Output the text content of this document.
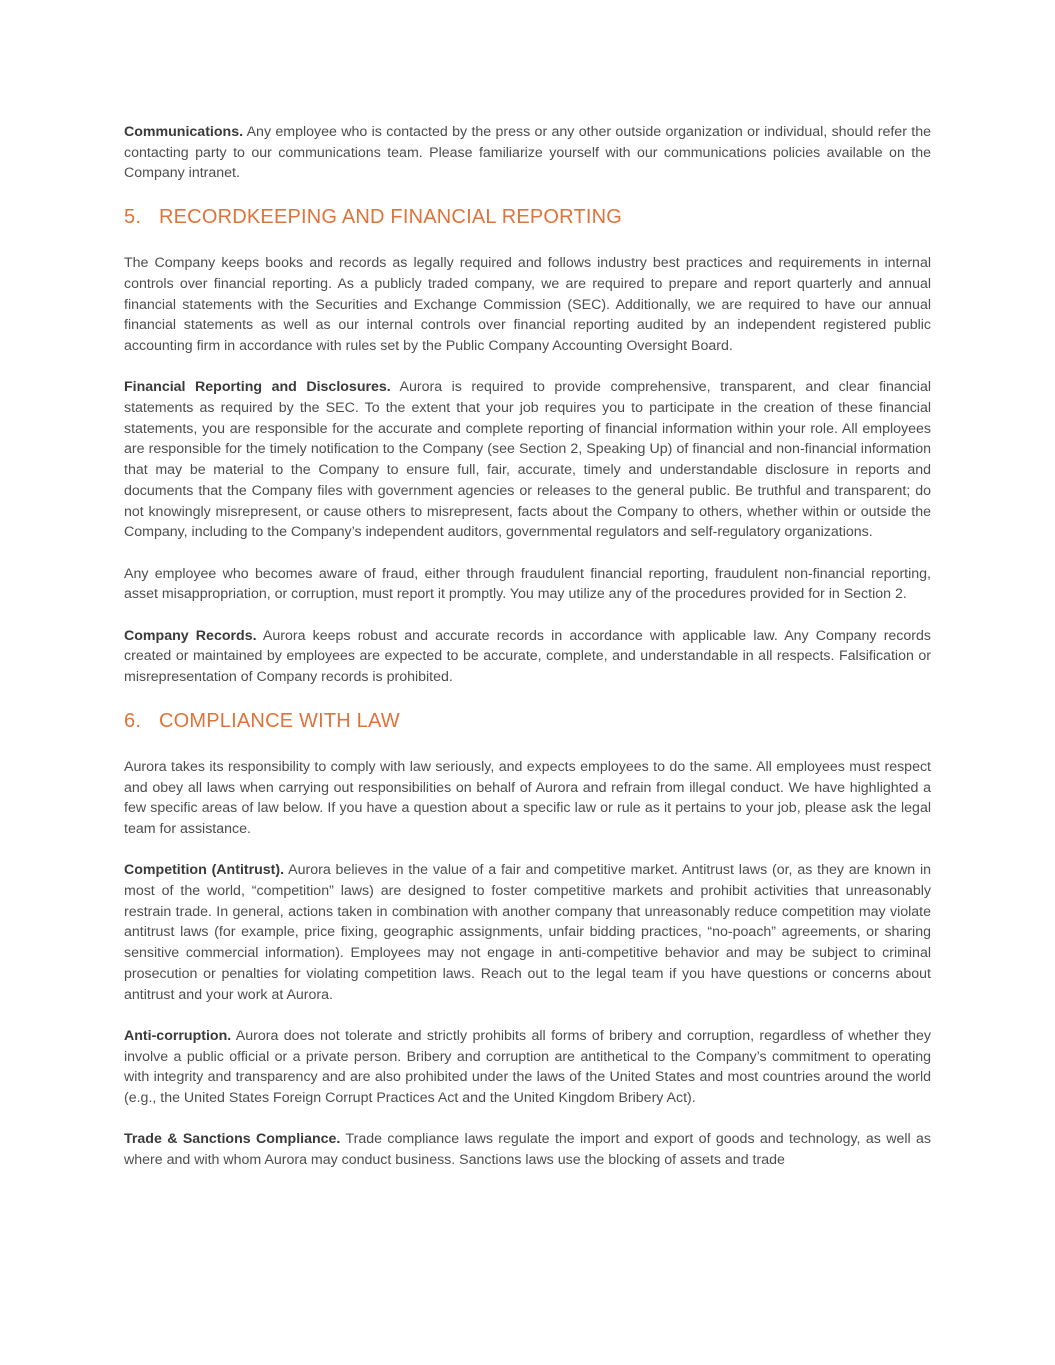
Communications. Any employee who is contacted by the press or any other outside organization or individual, should refer the contacting party to our communications team. Please familiarize yourself with our communications policies available on the Company intranet.

5. RECORDKEEPING AND FINANCIAL REPORTING

The Company keeps books and records as legally required and follows industry best practices and requirements in internal controls over financial reporting. As a publicly traded company, we are required to prepare and report quarterly and annual financial statements with the Securities and Exchange Commission (SEC). Additionally, we are required to have our annual financial statements as well as our internal controls over financial reporting audited by an independent registered public accounting firm in accordance with rules set by the Public Company Accounting Oversight Board.

Financial Reporting and Disclosures. Aurora is required to provide comprehensive, transparent, and clear financial statements as required by the SEC. To the extent that your job requires you to participate in the creation of these financial statements, you are responsible for the accurate and complete reporting of financial information within your role. All employees are responsible for the timely notification to the Company (see Section 2, Speaking Up) of financial and non-financial information that may be material to the Company to ensure full, fair, accurate, timely and understandable disclosure in reports and documents that the Company files with government agencies or releases to the general public. Be truthful and transparent; do not knowingly misrepresent, or cause others to misrepresent, facts about the Company to others, whether within or outside the Company, including to the Company’s independent auditors, governmental regulators and self-regulatory organizations.

Any employee who becomes aware of fraud, either through fraudulent financial reporting, fraudulent non-financial reporting, asset misappropriation, or corruption, must report it promptly. You may utilize any of the procedures provided for in Section 2.

Company Records. Aurora keeps robust and accurate records in accordance with applicable law. Any Company records created or maintained by employees are expected to be accurate, complete, and understandable in all respects. Falsification or misrepresentation of Company records is prohibited.

6. COMPLIANCE WITH LAW

Aurora takes its responsibility to comply with law seriously, and expects employees to do the same. All employees must respect and obey all laws when carrying out responsibilities on behalf of Aurora and refrain from illegal conduct. We have highlighted a few specific areas of law below. If you have a question about a specific law or rule as it pertains to your job, please ask the legal team for assistance.

Competition (Antitrust). Aurora believes in the value of a fair and competitive market. Antitrust laws (or, as they are known in most of the world, “competition” laws) are designed to foster competitive markets and prohibit activities that unreasonably restrain trade. In general, actions taken in combination with another company that unreasonably reduce competition may violate antitrust laws (for example, price fixing, geographic assignments, unfair bidding practices, “no-poach” agreements, or sharing sensitive commercial information). Employees may not engage in anti-competitive behavior and may be subject to criminal prosecution or penalties for violating competition laws. Reach out to the legal team if you have questions or concerns about antitrust and your work at Aurora.

Anti-corruption. Aurora does not tolerate and strictly prohibits all forms of bribery and corruption, regardless of whether they involve a public official or a private person. Bribery and corruption are antithetical to the Company’s commitment to operating with integrity and transparency and are also prohibited under the laws of the United States and most countries around the world (e.g., the United States Foreign Corrupt Practices Act and the United Kingdom Bribery Act).

Trade & Sanctions Compliance. Trade compliance laws regulate the import and export of goods and technology, as well as where and with whom Aurora may conduct business. Sanctions laws use the blocking of assets and trade
